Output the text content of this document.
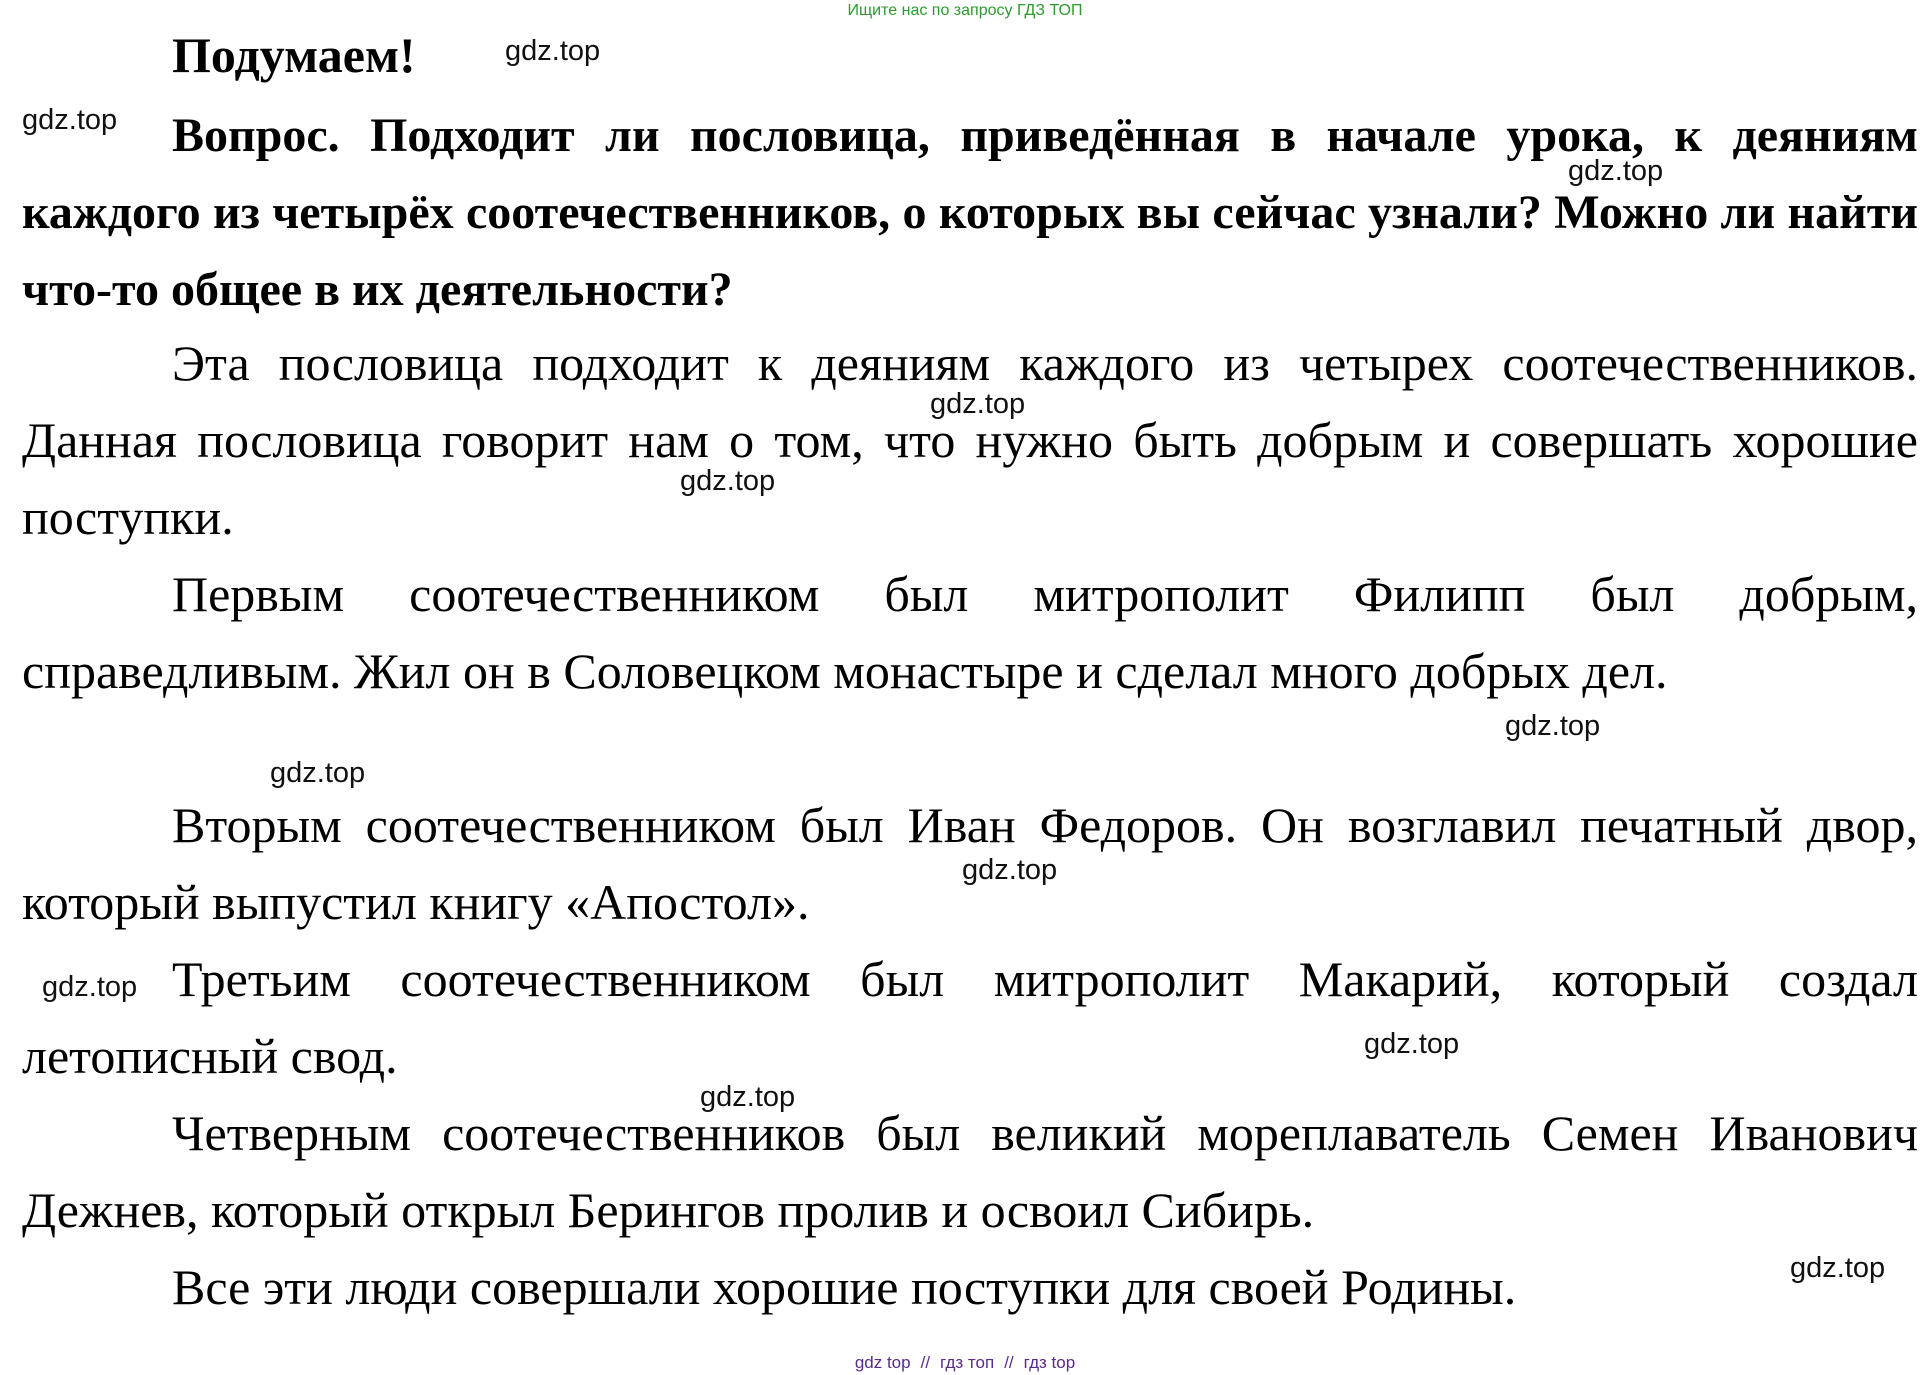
Ищите нас по запросу ГДЗ ТОП
Подумаем!

Вопрос. Подходит ли пословица, приведённая в начале урока, к деяниям каждого из четырёх соотечественников, о которых вы сейчас узнали? Можно ли найти что-то общее в их деятельности?

Эта пословица подходит к деяниям каждого из четырех соотечественников. Данная пословица говорит нам о том, что нужно быть добрым и совершать хорошие поступки.

Первым соотечественником был митрополит Филипп был добрым, справедливым. Жил он в Соловецком монастыре и сделал много добрых дел.

Вторым соотечественником был Иван Федоров. Он возглавил печатный двор, который выпустил книгу «Апостол».

Третьим соотечественником был митрополит Макарий, который создал летописный свод.

Четверным соотечественников был великий мореплаватель Семен Иванович Дежнев, который открыл Берингов пролив и освоил Сибирь.

Все эти люди совершали хорошие поступки для своей Родины.

gdz.top
gdz.top
gdz.top
gdz.top
gdz.top
gdz.top
gdz.top
gdz.top
gdz.top
gdz.top
gdz.top
gdz.top
gdz top // гдз топ // гдз top
